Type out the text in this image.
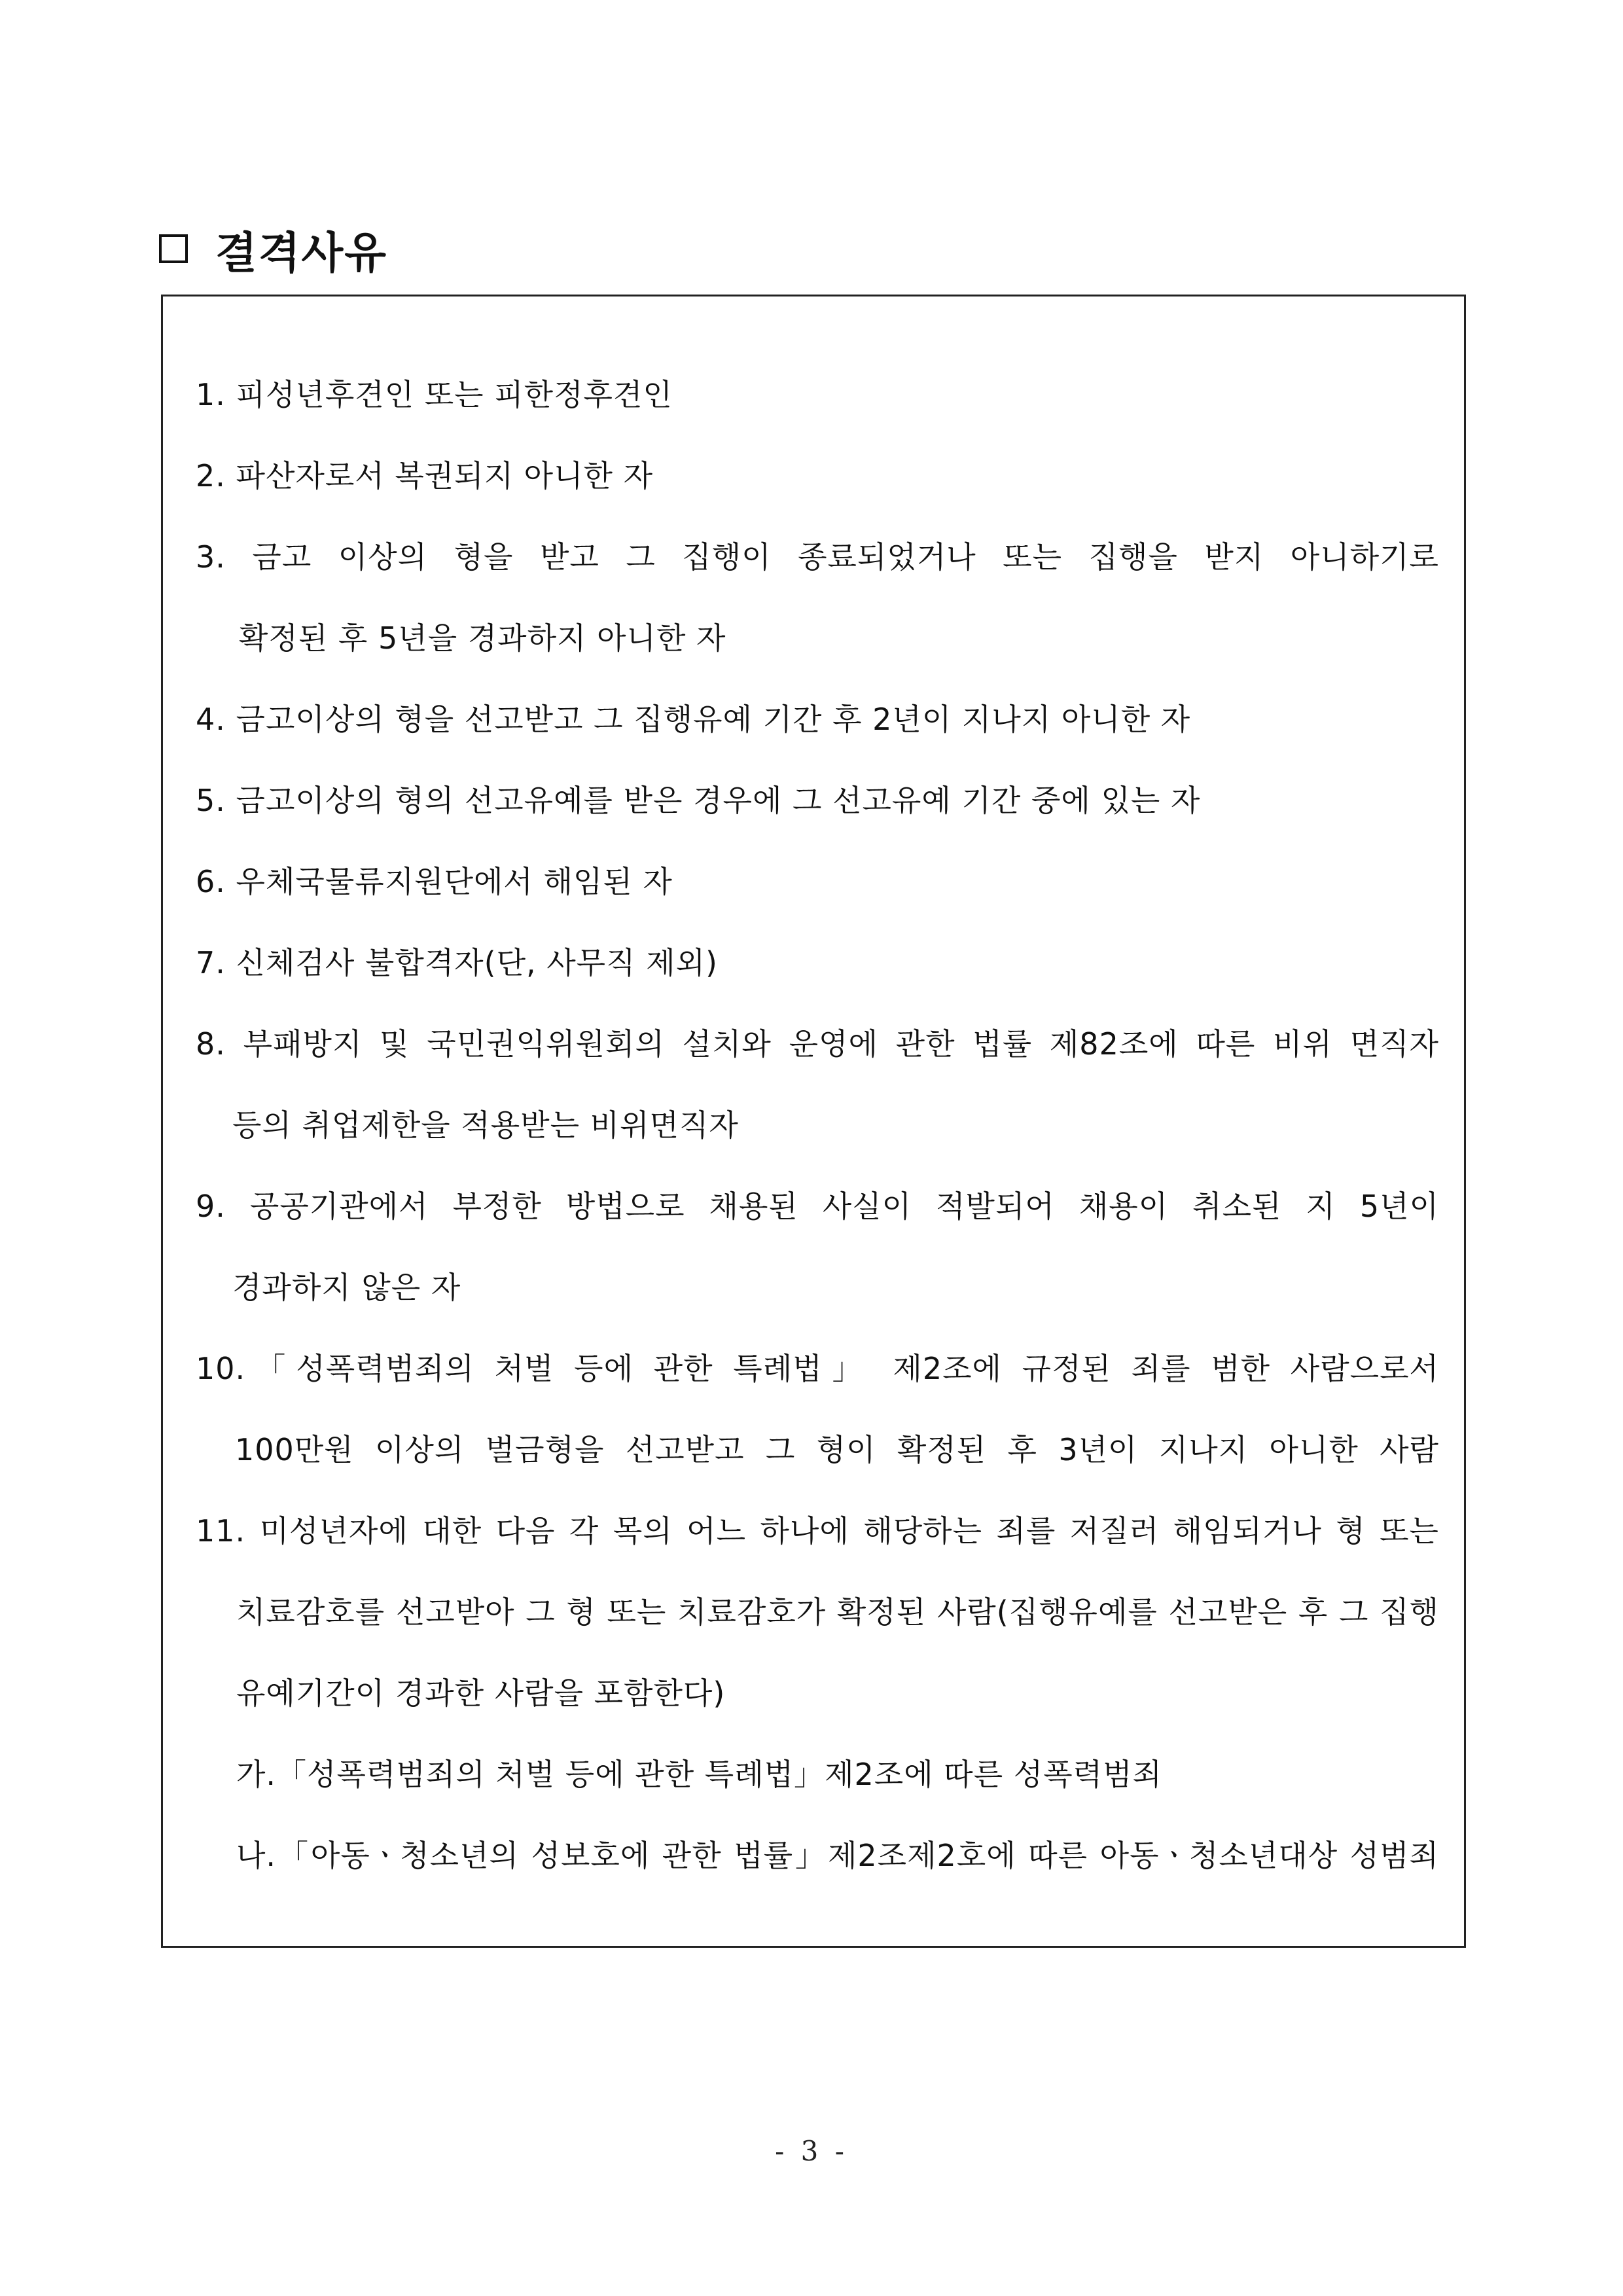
결격사유
1. 피성년후견인 또는 피한정후견인
2. 파산자로서 복권되지 아니한 자
3. 금고 이상의 형을 받고 그 집행이 종료되었거나 또는 집행을 받지 아니하기로
확정된 후 5년을 경과하지 아니한 자
4. 금고이상의 형을 선고받고 그 집행유예 기간 후 2년이 지나지 아니한 자
5. 금고이상의 형의 선고유예를 받은 경우에 그 선고유예 기간 중에 있는 자
6. 우체국물류지원단에서 해임된 자
7. 신체검사 불합격자(단, 사무직 제외)
8. 부패방지 및 국민권익위원회의 설치와 운영에 관한 법률 제82조에 따른 비위 면직자
등의 취업제한을 적용받는 비위면직자
9. 공공기관에서 부정한 방법으로 채용된 사실이 적발되어 채용이 취소된 지 5년이
경과하지 않은 자
10.「성폭력범죄의 처벌 등에 관한 특례법」 제2조에 규정된 죄를 범한 사람으로서
100만원 이상의 벌금형을 선고받고 그 형이 확정된 후 3년이 지나지 아니한 사람
11. 미성년자에 대한 다음 각 목의 어느 하나에 해당하는 죄를 저질러 해임되거나 형 또는
치료감호를 선고받아 그 형 또는 치료감호가 확정된 사람(집행유예를 선고받은 후 그 집행
유예기간이 경과한 사람을 포함한다)
가.「성폭력범죄의 처벌 등에 관한 특례법」제2조에 따른 성폭력범죄
나.「아동ㆍ청소년의 성보호에 관한 법률」제2조제2호에 따른 아동ㆍ청소년대상 성범죄
- 3 -
